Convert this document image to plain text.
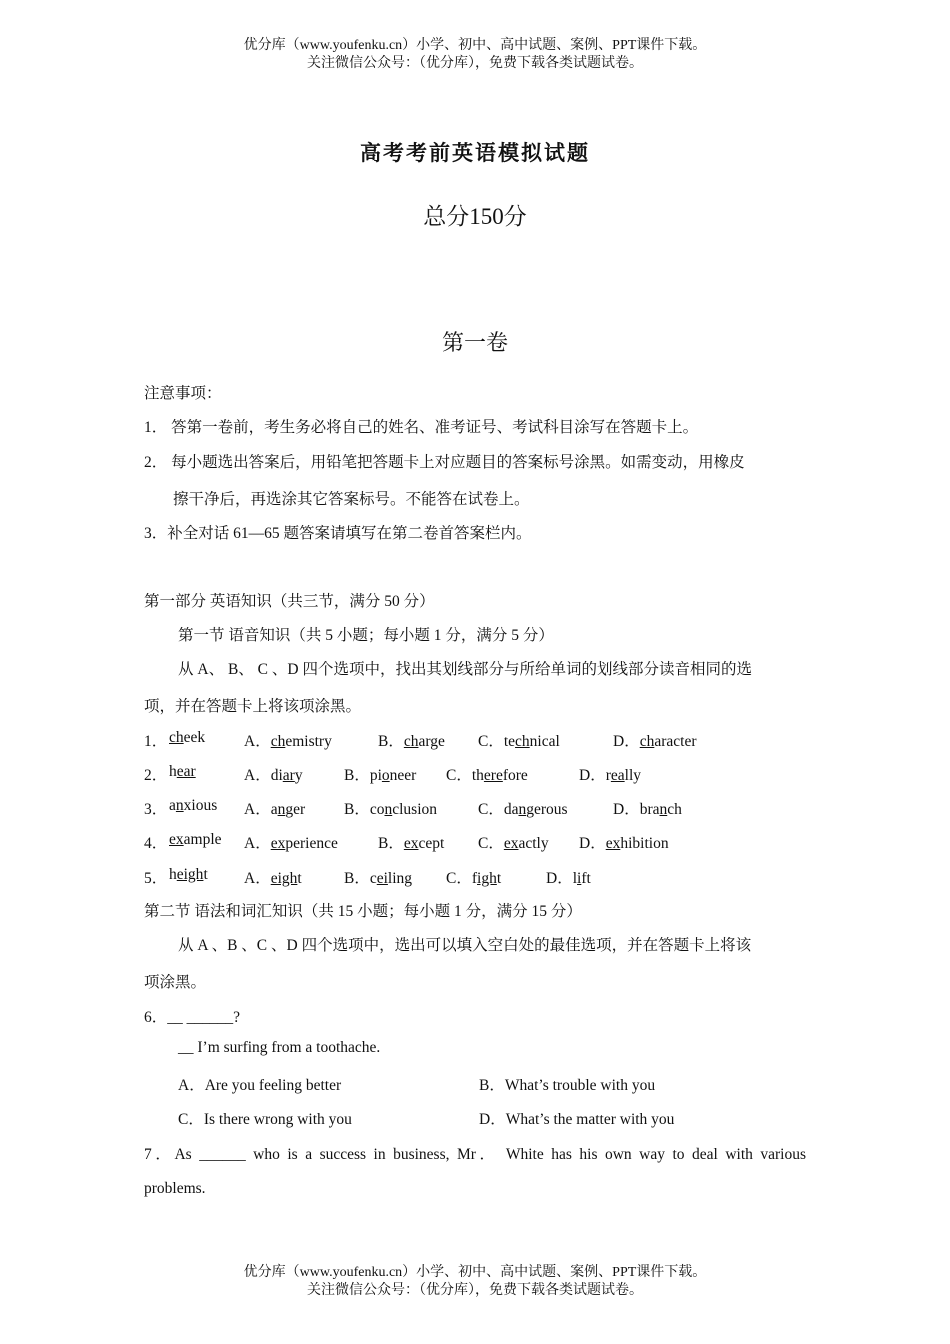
优分库（www.youfenku.cn）小学、初中、高中试题、案例、PPT课件下载。
关注微信公众号：（优分库），免费下载各类试题试卷。
高考考前英语模拟试题
总分150分
第一卷
注意事项：
1． 答第一卷前，考生务必将自己的姓名、准考证号、考试科目涂写在答题卡上。
2． 每小题选出答案后，用铅笔把答题卡上对应题目的答案标号涂黑。如需变动，用橡皮
擦干净后，再选涂其它答案标号。不能答在试卷上。
3．补全对话 61—65 题答案请填写在第二卷首答案栏内。
第一部分 英语知识（共三节，满分 50 分）
第一节 语音知识（共 5 小题；每小题 1 分，满分 5 分）
从 A、 B、 C 、D 四个选项中，找出其划线部分与所给单词的划线部分读音相同的选
项，并在答题卡上将该项涂黑。
1． cheek	A．chemistry	B．charge C．technical	D．character
2． hear	A．diary	B．pioneer C．therefore	D．really
3． anxious A．anger	B．conclusion	C．dangerous	D．branch
4． example A．experience	B．except C．exactly D．exhibition
5． height A．eight	B．ceiling C．fight	D．lift
第二节 语法和词汇知识（共 15 小题；每小题 1 分，满分 15 分）
从 A 、B 、C 、D 四个选项中，选出可以填入空白处的最佳选项，并在答题卡上将该
项涂黑。
6．__ ______?
__ I’m surfing from a toothache.
A．Are you feeling better	B．What’s trouble with you
C．Is there wrong with you	D．What’s the matter with you
7．As ______ who is a success in business, Mr． White has his own way to deal with various
problems.
优分库（www.youfenku.cn）小学、初中、高中试题、案例、PPT课件下载。
关注微信公众号：（优分库），免费下载各类试题试卷。
